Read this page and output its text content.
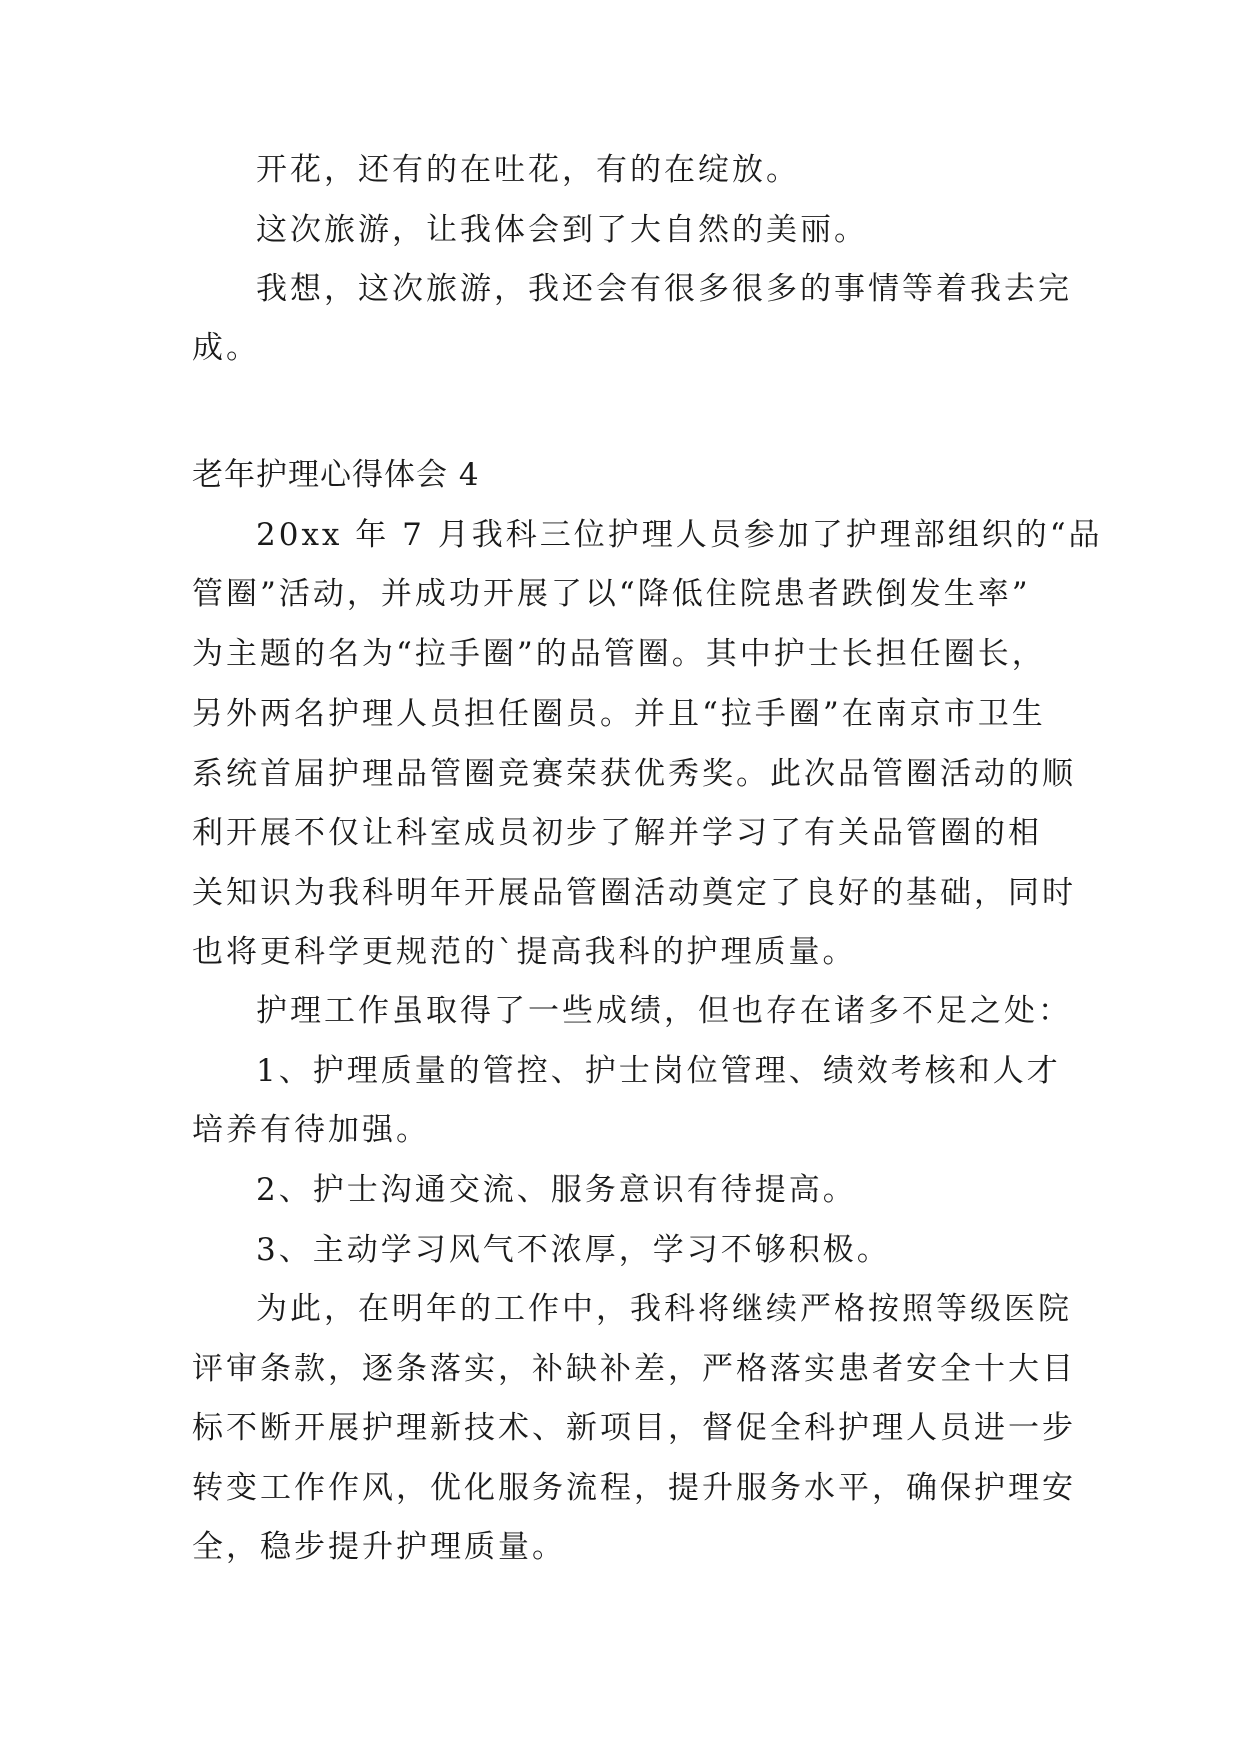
开花，还有的在吐花，有的在绽放。
这次旅游，让我体会到了大自然的美丽。
我想，这次旅游，我还会有很多很多的事情等着我去完
成。
老年护理心得体会 4
20xx 年 7 月我科三位护理人员参加了护理部组织的“品
管圈”活动，并成功开展了以“降低住院患者跌倒发生率”
为主题的名为“拉手圈”的品管圈。其中护士长担任圈长，
另外两名护理人员担任圈员。并且“拉手圈”在南京市卫生
系统首届护理品管圈竞赛荣获优秀奖。此次品管圈活动的顺
利开展不仅让科室成员初步了解并学习了有关品管圈的相
关知识为我科明年开展品管圈活动奠定了良好的基础，同时
也将更科学更规范的`提高我科的护理质量。
护理工作虽取得了一些成绩，但也存在诸多不足之处：
1、护理质量的管控、护士岗位管理、绩效考核和人才
培养有待加强。
2、护士沟通交流、服务意识有待提高。
3、主动学习风气不浓厚，学习不够积极。
为此，在明年的工作中，我科将继续严格按照等级医院
评审条款，逐条落实，补缺补差，严格落实患者安全十大目
标不断开展护理新技术、新项目，督促全科护理人员进一步
转变工作作风，优化服务流程，提升服务水平，确保护理安
全，稳步提升护理质量。
